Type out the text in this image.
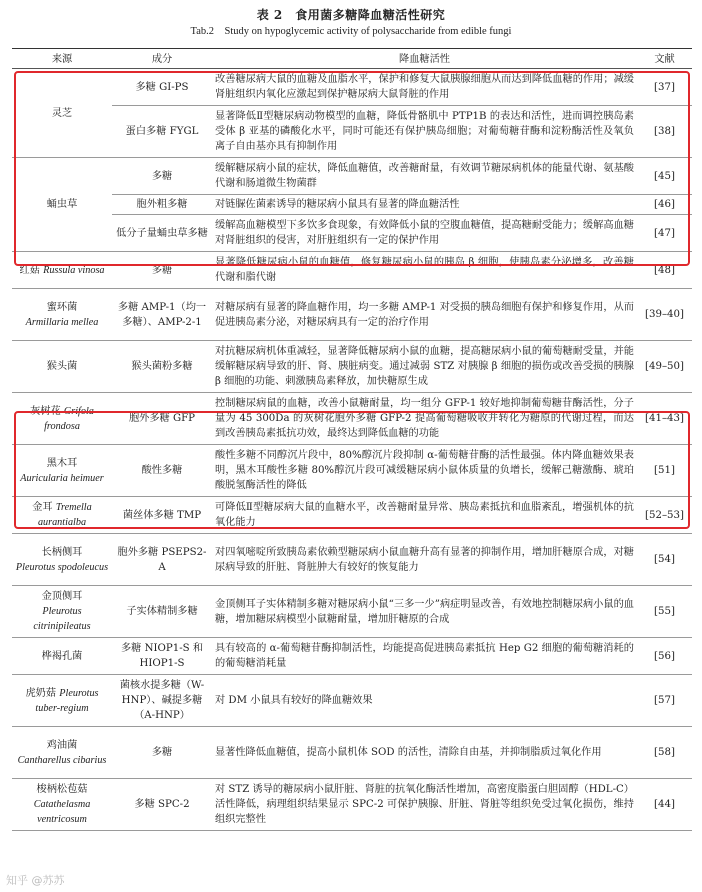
表 2　食用菌多糖降血糖活性研究
Tab.2　Study on hypoglycemic activity of polysaccharide from edible fungi
来源	成分	降血糖活性	文献
灵芝	多糖 GI-PS	改善糖尿病大鼠的血糖及血脂水平，保护和修复大鼠胰腺细胞从而达到降低血糖的作用；减缓肾脏组织内氧化应激起到保护糖尿病大鼠肾脏的作用	[37]
	蛋白多糖 FYGL	显著降低Ⅱ型糖尿病动物模型的血糖，降低骨骼肌中 PTP1B 的表达和活性，进而调控胰岛素受体 β 亚基的磷酸化水平，同时可能还有保护胰岛细胞；对葡萄糖苷酶和淀粉酶活性及氧负离子自由基亦具有抑制作用	[38]
蛹虫草	多糖	缓解糖尿病小鼠的症状，降低血糖值，改善糖耐量，有效调节糖尿病机体的能量代谢、氨基酸代谢和肠道微生物菌群	[45]
	胞外粗多糖	对链脲佐菌素诱导的糖尿病小鼠具有显著的降血糖活性	[46]
	低分子量蛹虫草多糖	缓解高血糖模型下多饮多食现象，有效降低小鼠的空腹血糖值，提高糖耐受能力；缓解高血糖对肾脏组织的侵害，对肝脏组织有一定的保护作用	[47]
红菇 Russula vinosa	多糖	显著降低糖尿病小鼠的血糖值，修复糖尿病小鼠的胰岛 β 细胞，使胰岛素分泌增多，改善糖代谢和脂代谢	[48]
蜜环菌
Armillaria mellea	多糖 AMP-1（均一多糖）、AMP-2-1	对糖尿病有显著的降血糖作用，均一多糖 AMP-1 对受损的胰岛细胞有保护和修复作用，从而促进胰岛素分泌，对糖尿病具有一定的治疗作用	[39–40]
猴头菌	猴头菌粉多糖	对抗糖尿病机体重减轻，显著降低糖尿病小鼠的血糖，提高糖尿病小鼠的葡萄糖耐受量，并能缓解糖尿病导致的肝、肾、胰脏病变。通过减弱 STZ 对胰腺 β 细胞的损伤或改善受损的胰腺 β 细胞的功能、刺激胰岛素释放，加快糖原生成	[49–50]
灰树花 Grifola frondosa	胞外多糖 GFP	控制糖尿病鼠的血糖，改善小鼠糖耐量，均一组分 GFP-1 较好地抑制葡萄糖苷酶活性，分子量为 45 300Da 的灰树花胞外多糖 GFP-2 提高葡萄糖吸收并转化为糖原的代谢过程，而达到改善胰岛素抵抗功效，最终达到降低血糖的功能	[41–43]
黑木耳
Auricularia heimuer	酸性多糖	酸性多糖不同醇沉片段中，80%醇沉片段抑制 α-葡萄糖苷酶的活性最强。体内降血糖效果表明，黑木耳酸性多糖 80%醇沉片段可减缓糖尿病小鼠体质量的负增长，缓解己糖激酶、琥珀酸脱氢酶活性的降低	[51]
金耳 Tremella aurantialba	菌丝体多糖 TMP	可降低Ⅱ型糖尿病大鼠的血糖水平，改善糖耐量异常、胰岛素抵抗和血脂紊乱，增强机体的抗氧化能力	[52–53]
长柄侧耳
Pleurotus spodoleucus	胞外多糖 PSEPS2-A	对四氧嘧啶所致胰岛素依赖型糖尿病小鼠血糖升高有显著的抑制作用，增加肝糖原合成，对糖尿病导致的肝脏、肾脏肿大有较好的恢复能力	[54]
金顶侧耳
Pleurotus citrinipileatus	子实体精制多糖	金顶侧耳子实体精制多糖对糖尿病小鼠“三多一少”病症明显改善，有效地控制糖尿病小鼠的血糖，增加糖尿病模型小鼠糖耐量，增加肝糖原的合成	[55]
桦褐孔菌	多糖 NIOP1-S 和 HIOP1-S	具有较高的 α-葡萄糖苷酶抑制活性，均能提高促进胰岛素抵抗 Hep G2 细胞的葡萄糖消耗的的葡萄糖消耗量	[56]
虎奶菇 Pleurotus tuber-regium	菌核水提多糖（W-HNP）、碱提多糖（A-HNP）	对 DM 小鼠具有较好的降血糖效果	[57]
鸡油菌
Cantharellus cibarius	多糖	显著性降低血糖值，提高小鼠机体 SOD 的活性，清除自由基，并抑制脂质过氧化作用	[58]
梭柄松苞菇
Catathelasma ventricosum	多糖 SPC-2	对 STZ 诱导的糖尿病小鼠肝脏、肾脏的抗氧化酶活性增加，高密度脂蛋白胆固醇（HDL-C）活性降低，病理组织结果显示 SPC-2 可保护胰腺、肝脏、肾脏等组织免受过氧化损伤，维持组织完整性	[44]
知乎 @苏苏
